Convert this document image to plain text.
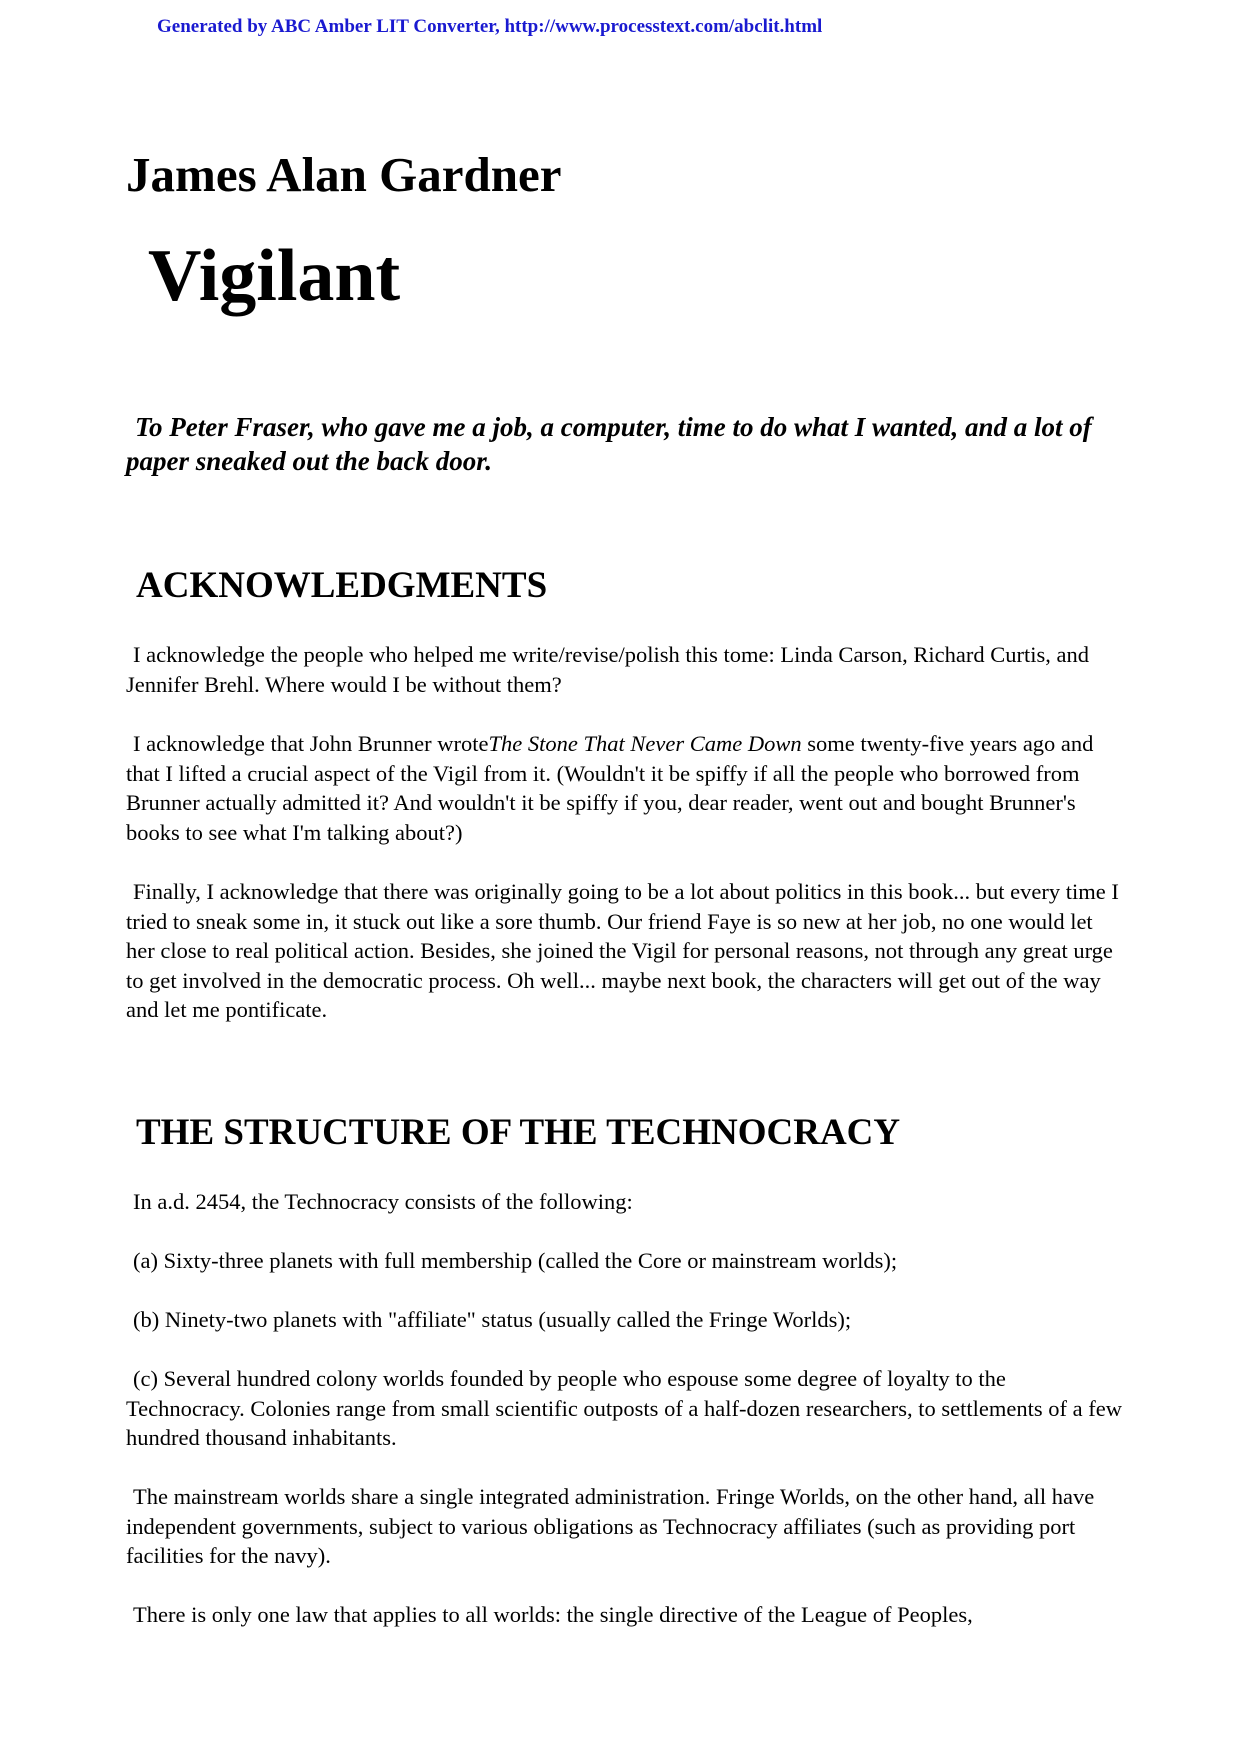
Generated by ABC Amber LIT Converter, http://www.processtext.com/abclit.html
James Alan Gardner
Vigilant

To Peter Fraser, who gave me a job, a computer, time to do what I wanted, and a lot of paper sneaked out the back door.

ACKNOWLEDGMENTS

I acknowledge the people who helped me write/revise/polish this tome: Linda Carson, Richard Curtis, and Jennifer Brehl. Where would I be without them?

I acknowledge that John Brunner wroteThe Stone That Never Came Down some twenty-five years ago and that I lifted a crucial aspect of the Vigil from it. (Wouldn't it be spiffy if all the people who borrowed from Brunner actually admitted it? And wouldn't it be spiffy if you, dear reader, went out and bought Brunner's books to see what I'm talking about?)

Finally, I acknowledge that there was originally going to be a lot about politics in this book... but every time I tried to sneak some in, it stuck out like a sore thumb. Our friend Faye is so new at her job, no one would let her close to real political action. Besides, she joined the Vigil for personal reasons, not through any great urge to get involved in the democratic process. Oh well... maybe next book, the characters will get out of the way and let me pontificate.

THE STRUCTURE OF THE TECHNOCRACY

In a.d. 2454, the Technocracy consists of the following:

(a) Sixty-three planets with full membership (called the Core or mainstream worlds);

(b) Ninety-two planets with "affiliate" status (usually called the Fringe Worlds);

(c) Several hundred colony worlds founded by people who espouse some degree of loyalty to the Technocracy. Colonies range from small scientific outposts of a half-dozen researchers, to settlements of a few hundred thousand inhabitants.

The mainstream worlds share a single integrated administration. Fringe Worlds, on the other hand, all have independent governments, subject to various obligations as Technocracy affiliates (such as providing port facilities for the navy).

There is only one law that applies to all worlds: the single directive of the League of Peoples,
